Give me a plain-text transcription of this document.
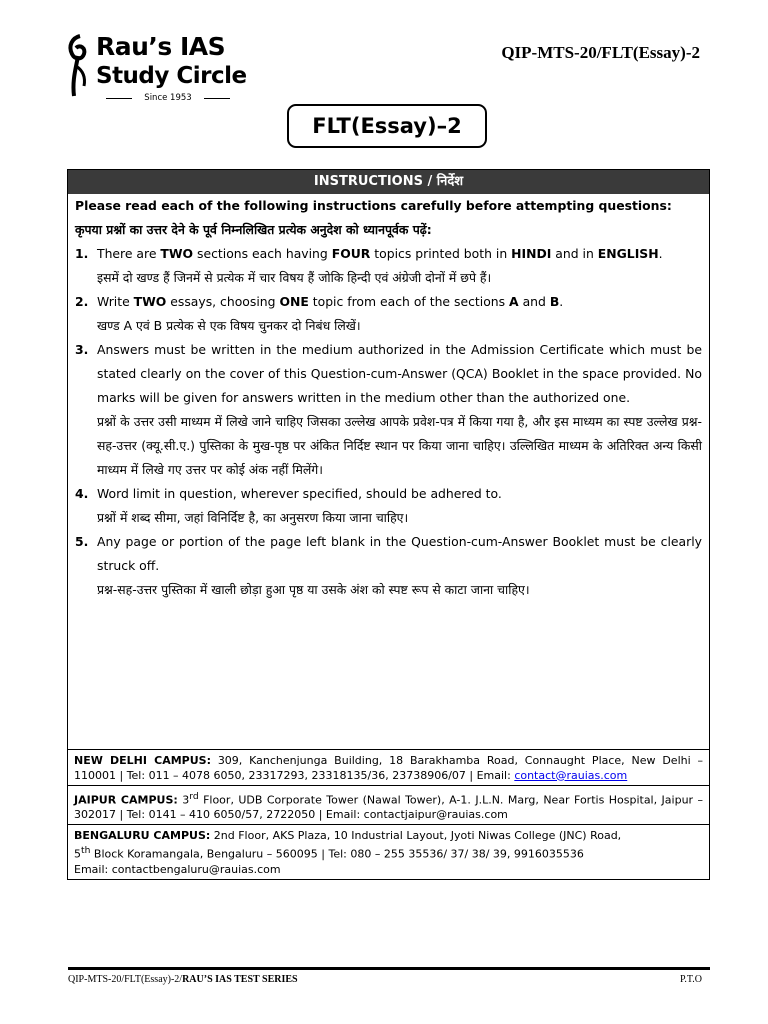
Rau’s IAS
Study Circle
Since 1953
QIP-MTS-20/FLT(Essay)-2
FLT(Essay)–2
INSTRUCTIONS / निर्देश
Please read each of the following instructions carefully before attempting questions:
कृपया प्रश्नों का उत्तर देने के पूर्व निम्नलिखित प्रत्येक अनुदेश को ध्यानपूर्वक पढ़ें:
1. There are TWO sections each having FOUR topics printed both in HINDI and in ENGLISH.
इसमें दो खण्ड हैं जिनमें से प्रत्येक में चार विषय हैं जोकि हिन्दी एवं अंग्रेजी दोनों में छपे हैं।
2. Write TWO essays, choosing ONE topic from each of the sections A and B.
खण्ड A एवं B प्रत्येक से एक विषय चुनकर दो निबंध लिखें।
3. Answers must be written in the medium authorized in the Admission Certificate which must be stated clearly on the cover of this Question-cum-Answer (QCA) Booklet in the space provided. No marks will be given for answers written in the medium other than the authorized one.
प्रश्नों के उत्तर उसी माध्यम में लिखे जाने चाहिए जिसका उल्लेख आपके प्रवेश-पत्र में किया गया है, और इस माध्यम का स्पष्ट उल्लेख प्रश्न-सह-उत्तर (क्यू.सी.ए.) पुस्तिका के मुख-पृष्ठ पर अंकित निर्दिष्ट स्थान पर किया जाना चाहिए। उल्लिखित माध्यम के अतिरिक्त अन्य किसी माध्यम में लिखे गए उत्तर पर कोई अंक नहीं मिलेंगे।
4. Word limit in question, wherever specified, should be adhered to.
प्रश्नों में शब्द सीमा, जहां विनिर्दिष्ट है, का अनुसरण किया जाना चाहिए।
5. Any page or portion of the page left blank in the Question-cum-Answer Booklet must be clearly struck off.
प्रश्न-सह-उत्तर पुस्तिका में खाली छोड़ा हुआ पृष्ठ या उसके अंश को स्पष्ट रूप से काटा जाना चाहिए।
NEW DELHI CAMPUS: 309, Kanchenjunga Building, 18 Barakhamba Road, Connaught Place, New Delhi – 110001 | Tel: 011 – 4078 6050, 23317293, 23318135/36, 23738906/07 | Email: contact@rauias.com
JAIPUR CAMPUS: 3rd Floor, UDB Corporate Tower (Nawal Tower), A-1. J.L.N. Marg, Near Fortis Hospital, Jaipur – 302017 | Tel: 0141 – 410 6050/57, 2722050 | Email: contactjaipur@rauias.com
BENGALURU CAMPUS: 2nd Floor, AKS Plaza, 10 Industrial Layout, Jyoti Niwas College (JNC) Road,
5th Block Koramangala, Bengaluru – 560095 | Tel: 080 – 255 35536/ 37/ 38/ 39, 9916035536
Email: contactbengaluru@rauias.com
QIP-MTS-20/FLT(Essay)-2/RAU’S IAS TEST SERIES	P.T.O
